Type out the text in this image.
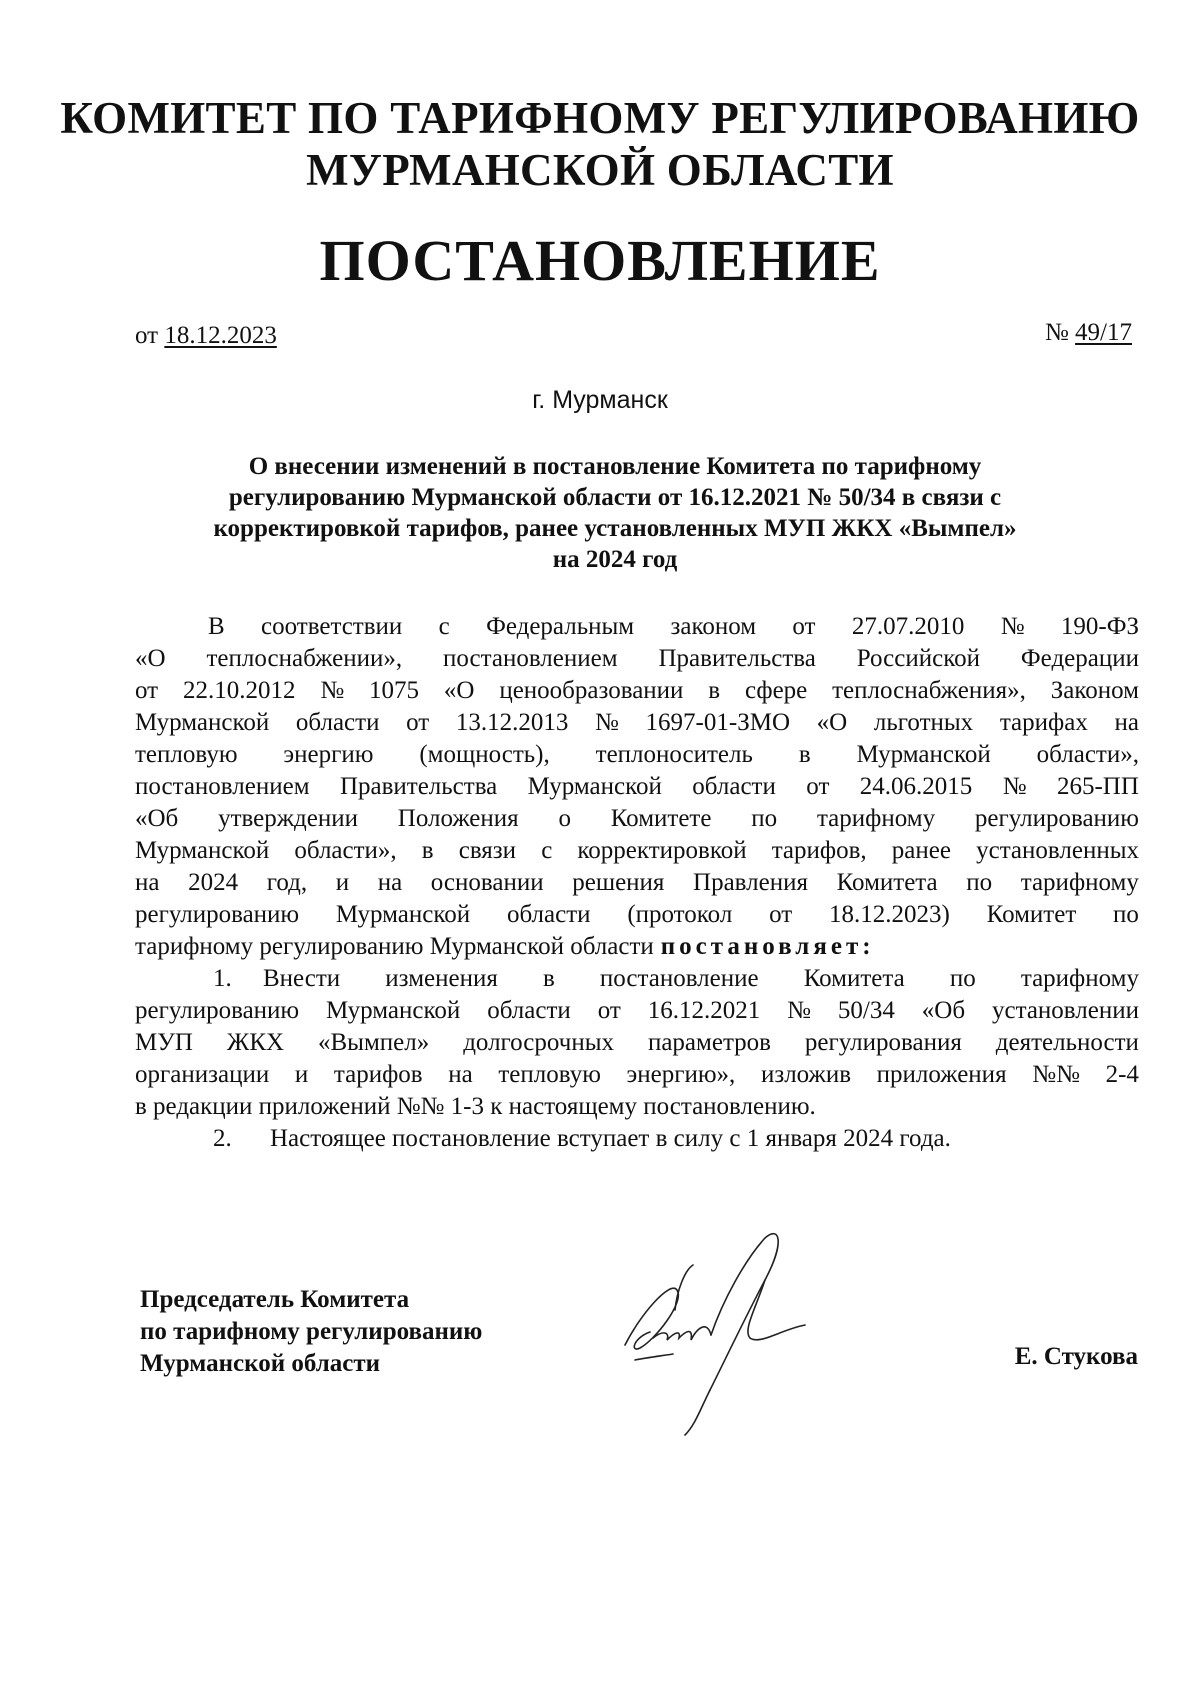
КОМИТЕТ ПО ТАРИФНОМУ РЕГУЛИРОВАНИЮ
МУРМАНСКОЙ ОБЛАСТИ
ПОСТАНОВЛЕНИЕ
от 18.12.2023	№ 49/17
г. Мурманск
О внесении изменений в постановление Комитета по тарифному
регулированию Мурманской области от 16.12.2021 № 50/34 в связи с
корректировкой тарифов, ранее установленных МУП ЖКХ «Вымпел»
на 2024 год
В соответствии с Федеральным законом от 27.07.2010 № 190-ФЗ
«О теплоснабжении», постановлением Правительства Российской Федерации
от 22.10.2012 № 1075 «О ценообразовании в сфере теплоснабжения», Законом
Мурманской области от 13.12.2013 № 1697-01-ЗМО «О льготных тарифах на
тепловую энергию (мощность), теплоноситель в Мурманской области»,
постановлением Правительства Мурманской области от 24.06.2015 № 265-ПП
«Об утверждении Положения о Комитете по тарифному регулированию
Мурманской области», в связи с корректировкой тарифов, ранее установленных
на 2024 год, и на основании решения Правления Комитета по тарифному
регулированию Мурманской области (протокол от 18.12.2023) Комитет по
тарифному регулированию Мурманской области постановляет:
1.	Внести изменения в постановление Комитета по тарифному
регулированию Мурманской области от 16.12.2021 № 50/34 «Об установлении
МУП ЖКХ «Вымпел» долгосрочных параметров регулирования деятельности
организации и тарифов на тепловую энергию», изложив приложения №№ 2-4
в редакции приложений №№ 1-3 к настоящему постановлению.
2.	Настоящее постановление вступает в силу с 1 января 2024 года.
Председатель Комитета
по тарифному регулированию
Мурманской области	Е. Стукова
